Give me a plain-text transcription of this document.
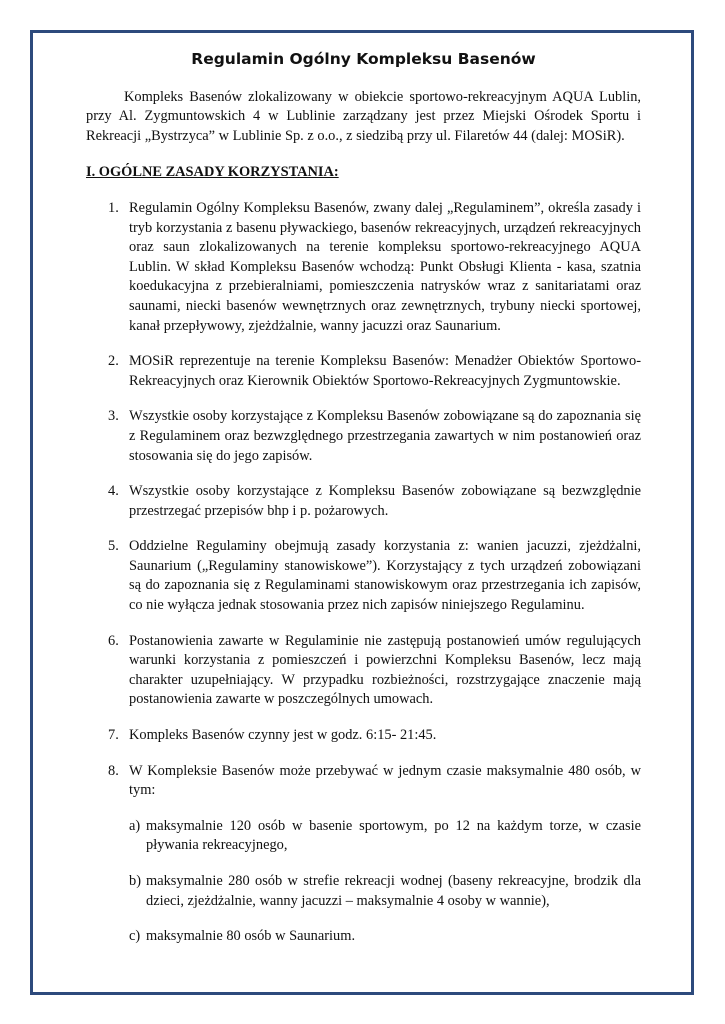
Regulamin Ogólny Kompleksu Basenów

Kompleks Basenów zlokalizowany w obiekcie sportowo-rekreacyjnym AQUA Lublin, przy Al. Zygmuntowskich 4 w Lublinie zarządzany jest przez Miejski Ośrodek Sportu i Rekreacji „Bystrzyca” w Lublinie Sp. z o.o., z siedzibą przy ul. Filaretów 44 (dalej: MOSiR).

I. OGÓLNE ZASADY KORZYSTANIA:
1. Regulamin Ogólny Kompleksu Basenów, zwany dalej „Regulaminem”, określa zasady i tryb korzystania z basenu pływackiego, basenów rekreacyjnych, urządzeń rekreacyjnych oraz saun zlokalizowanych na terenie kompleksu sportowo-rekreacyjnego AQUA Lublin. W skład Kompleksu Basenów wchodzą: Punkt Obsługi Klienta - kasa, szatnia koedukacyjna z przebieralniami, pomieszczenia natrysków wraz z sanitariatami oraz saunami, niecki basenów wewnętrznych oraz zewnętrznych, trybuny niecki sportowej, kanał przepływowy, zjeżdżalnie, wanny jacuzzi oraz Saunarium.
2. MOSiR reprezentuje na terenie Kompleksu Basenów: Menadżer Obiektów Sportowo-Rekreacyjnych oraz Kierownik Obiektów Sportowo-Rekreacyjnych Zygmuntowskie.
3. Wszystkie osoby korzystające z Kompleksu Basenów zobowiązane są do zapoznania się z Regulaminem oraz bezwzględnego przestrzegania zawartych w nim postanowień oraz stosowania się do jego zapisów.
4. Wszystkie osoby korzystające z Kompleksu Basenów zobowiązane są bezwzględnie przestrzegać przepisów bhp i p. pożarowych.
5. Oddzielne Regulaminy obejmują zasady korzystania z: wanien jacuzzi, zjeżdżalni, Saunarium („Regulaminy stanowiskowe”). Korzystający z tych urządzeń zobowiązani są do zapoznania się z Regulaminami stanowiskowym oraz przestrzegania ich zapisów, co nie wyłącza jednak stosowania przez nich zapisów niniejszego Regulaminu.
6. Postanowienia zawarte w Regulaminie nie zastępują postanowień umów regulujących warunki korzystania z pomieszczeń i powierzchni Kompleksu Basenów, lecz mają charakter uzupełniający. W przypadku rozbieżności, rozstrzygające znaczenie mają postanowienia zawarte w poszczególnych umowach.
7. Kompleks Basenów czynny jest w godz. 6:15- 21:45.
8. W Kompleksie Basenów może przebywać w jednym czasie maksymalnie 480 osób, w tym:
a) maksymalnie 120 osób w basenie sportowym, po 12 na każdym torze, w czasie pływania rekreacyjnego,
b) maksymalnie 280 osób w strefie rekreacji wodnej (baseny rekreacyjne, brodzik dla dzieci, zjeżdżalnie, wanny jacuzzi – maksymalnie 4 osoby w wannie),
c) maksymalnie 80 osób w Saunarium.
